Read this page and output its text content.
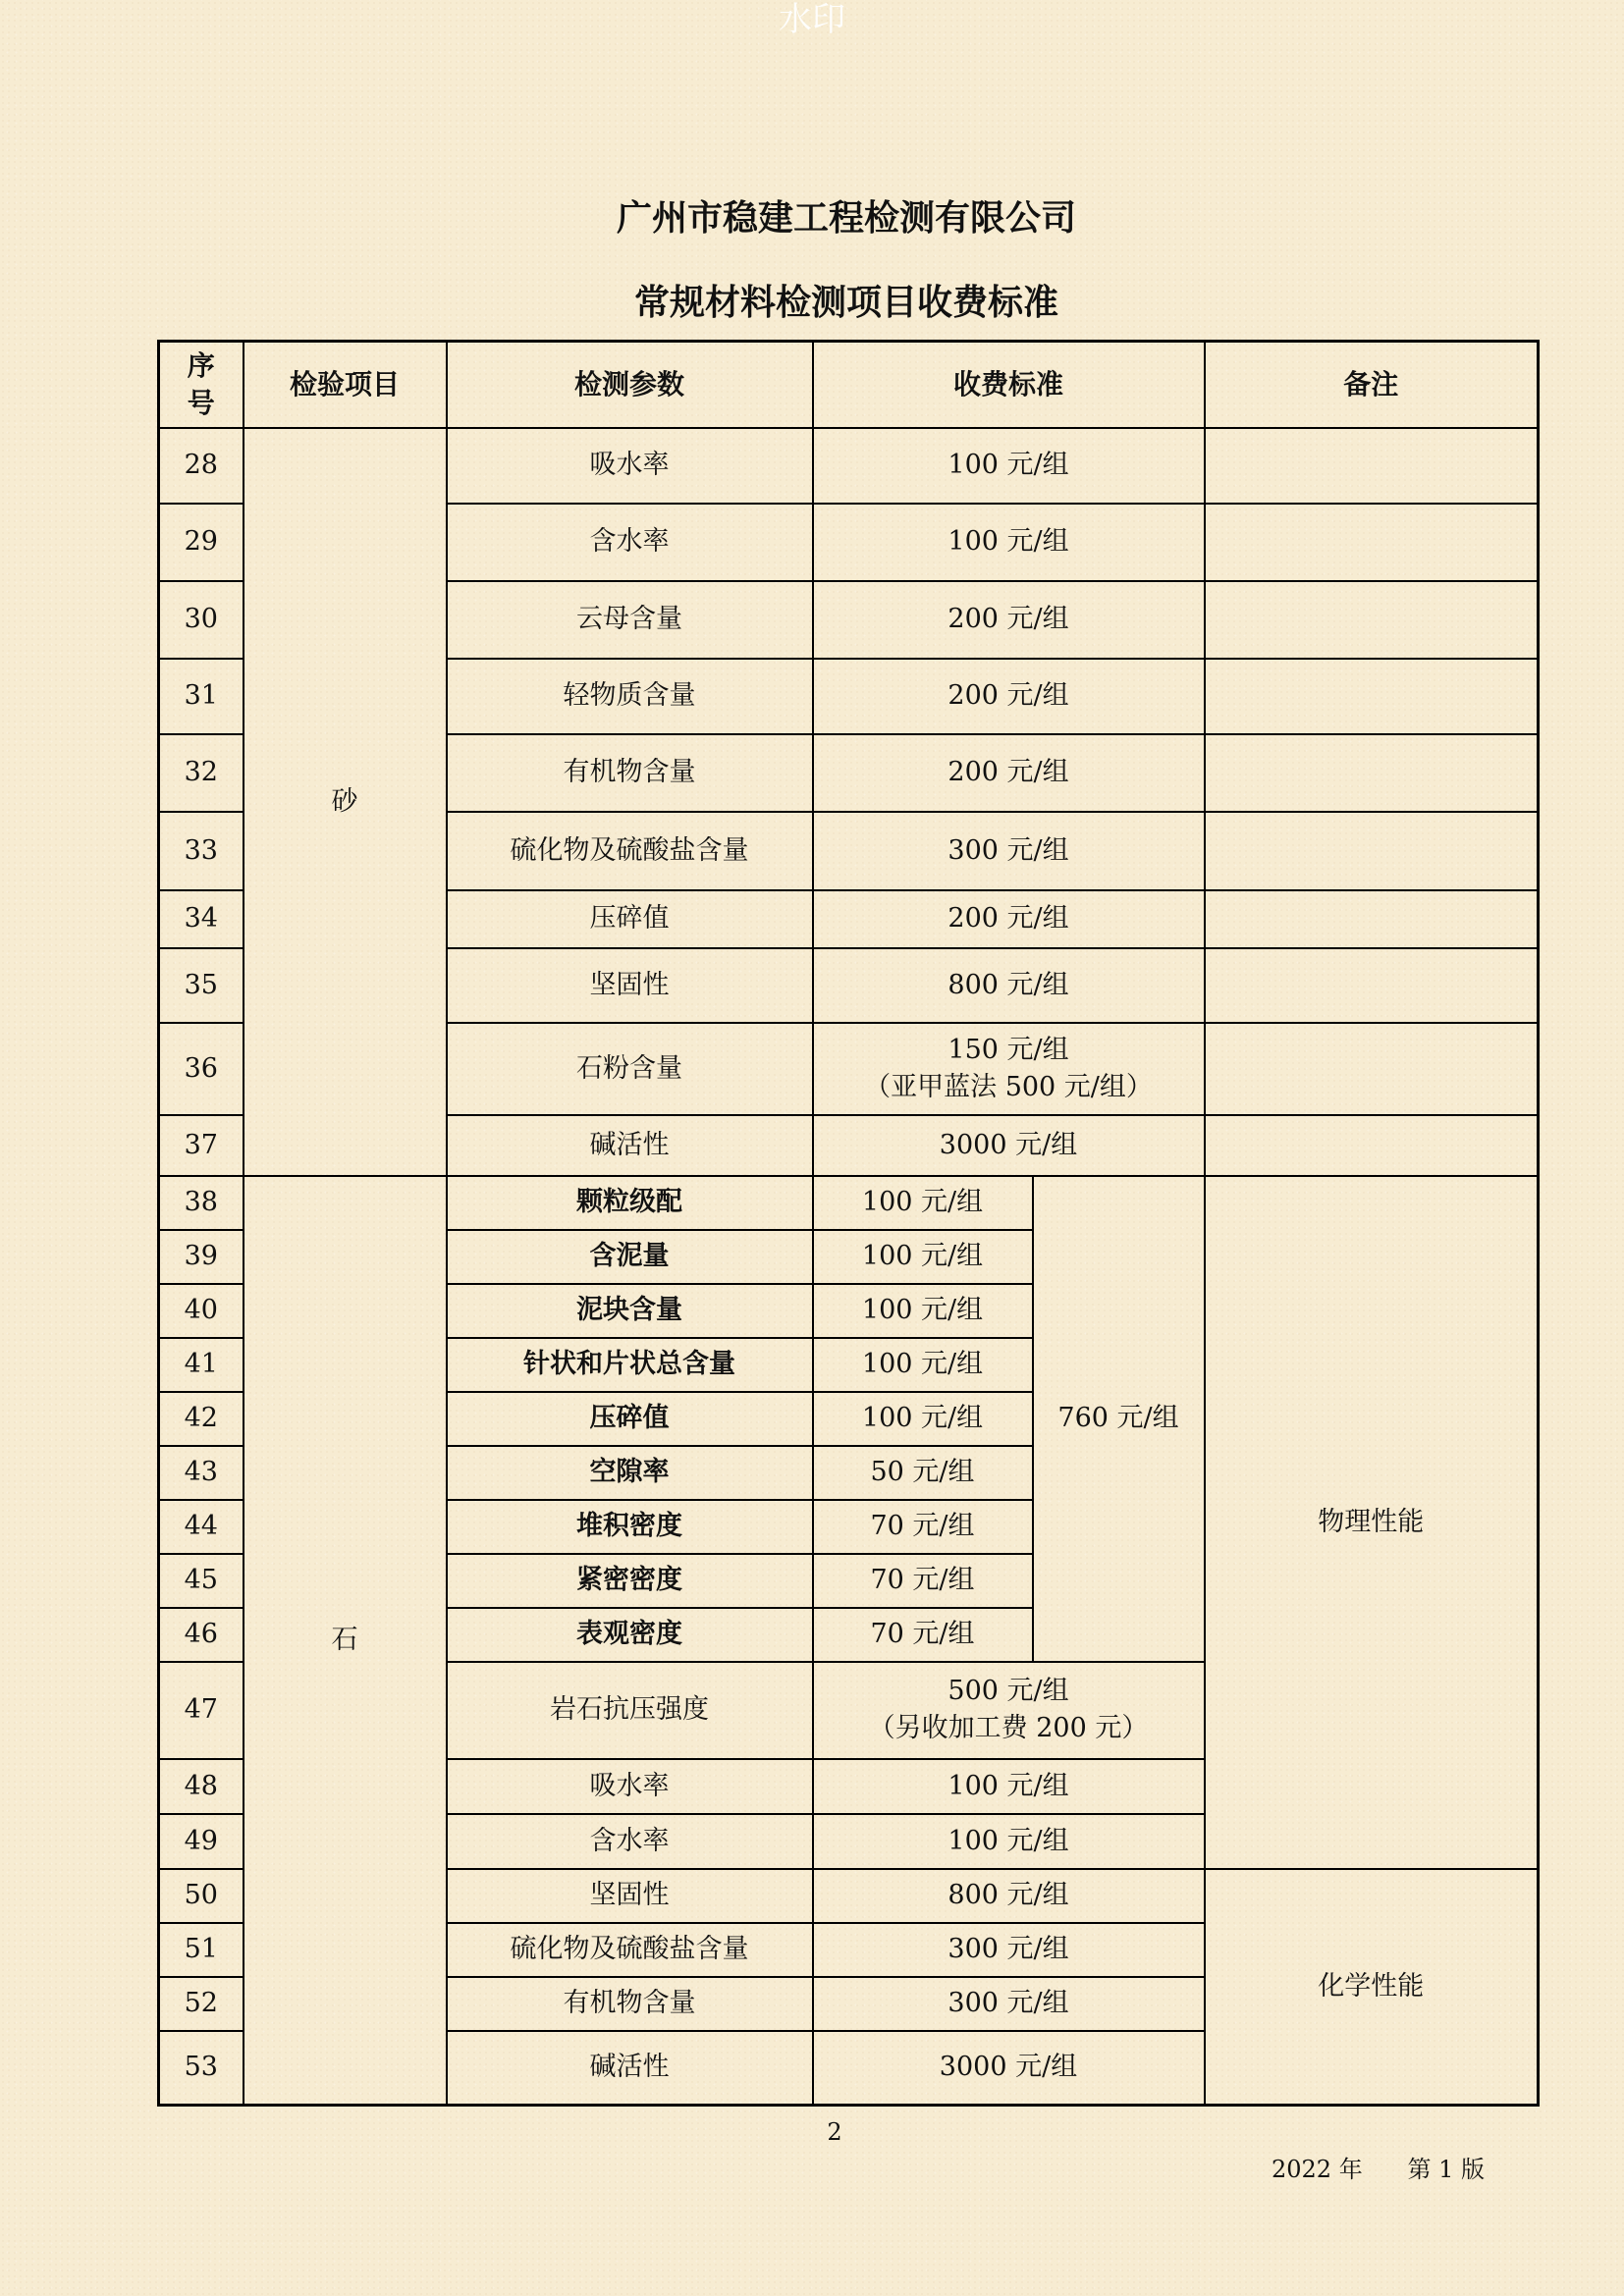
水印
广州市稳建工程检测有限公司
常规材料检测项目收费标准
序
号	检验项目	检测参数	收费标准		备注
28	砂	吸水率	100 元/组		
29		含水率	100 元/组		
30		云母含量	200 元/组		
31		轻物质含量	200 元/组		
32		有机物含量	200 元/组		
33		硫化物及硫酸盐含量	300 元/组		
34		压碎值	200 元/组		
35		坚固性	800 元/组		
36		石粉含量	150 元/组
（亚甲蓝法 500 元/组）		

37		碱活性	3000 元/组		
38	石	颗粒级配	100 元/组	760 元/组	物理性能
39		含泥量	100 元/组		
40		泥块含量	100 元/组		
41		针状和片状总含量	100 元/组		
42		压碎值	100 元/组		
43		空隙率	50 元/组		
44		堆积密度	70 元/组		
45		紧密密度	70 元/组		
46		表观密度	70 元/组		
47		岩石抗压强度	500 元/组
（另收加工费 200 元）		

48		吸水率	100 元/组		
49		含水率	100 元/组		
50		坚固性	800 元/组		化学性能
51		硫化物及硫酸盐含量	300 元/组		
52		有机物含量	300 元/组		
53		碱活性	3000 元/组		
2
2022 年 第 1 版
